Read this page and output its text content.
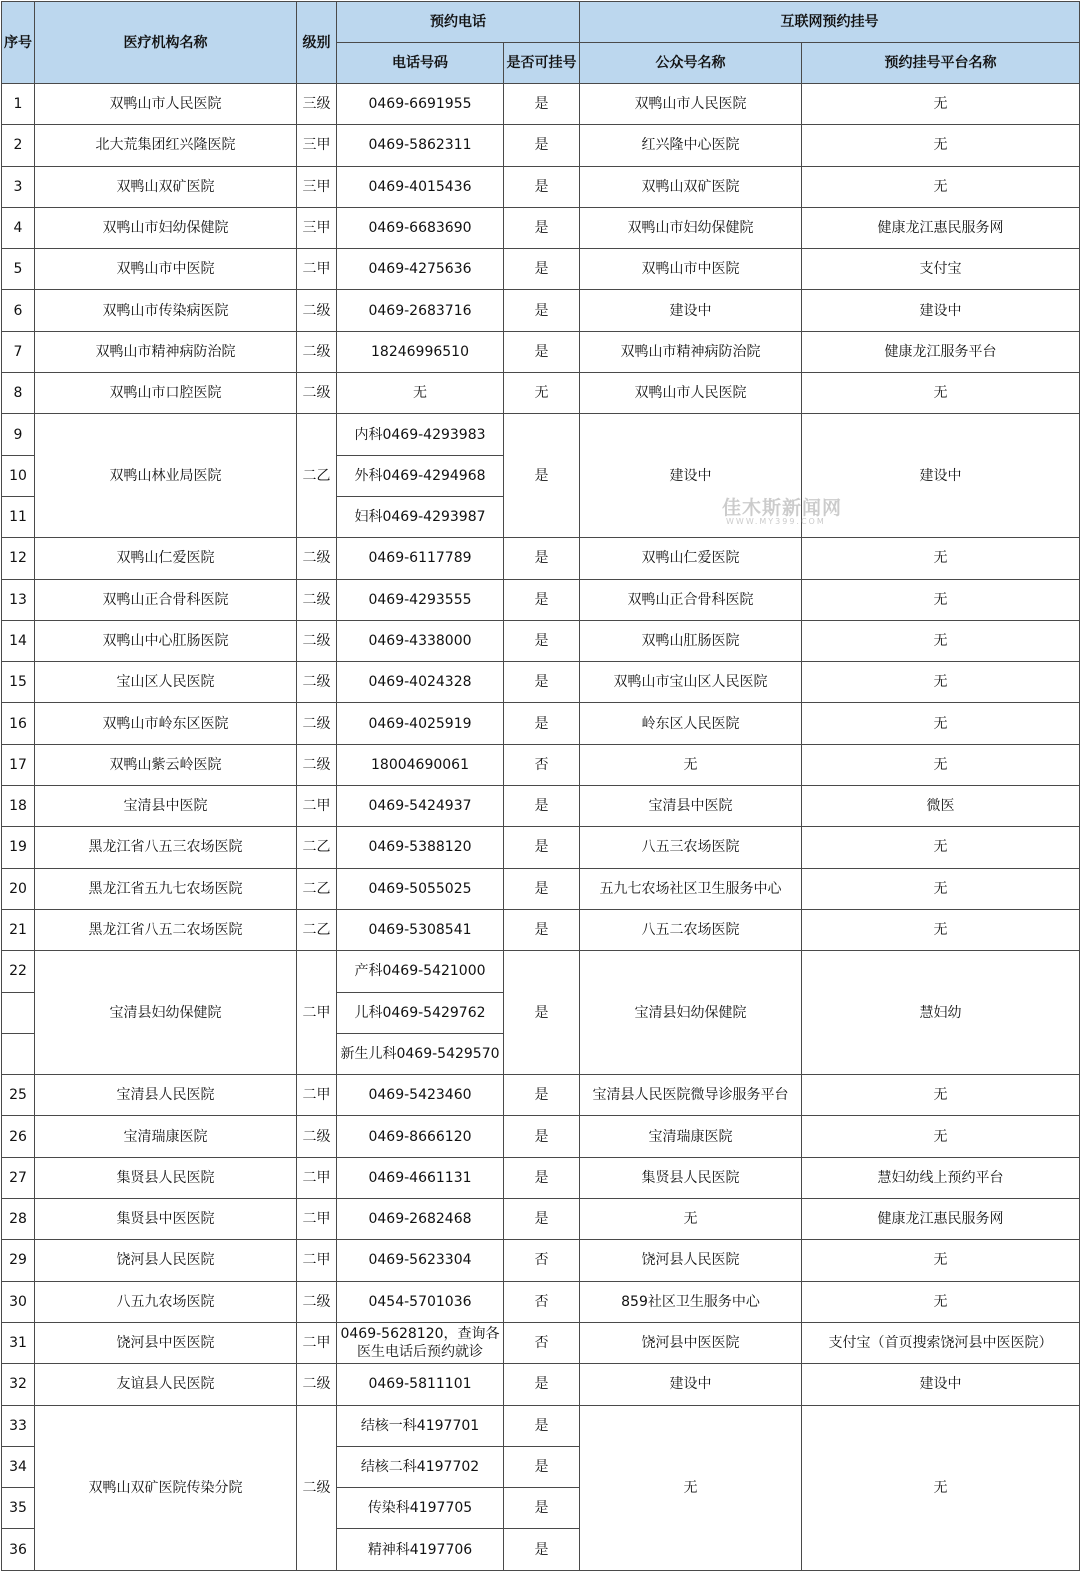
序号	医疗机构名称	级别	预约电话		互联网预约挂号	
			电话号码	是否可挂号	公众号名称	预约挂号平台名称
1	双鸭山市人民医院	三级	0469-6691955	是	双鸭山市人民医院	无
2	北大荒集团红兴隆医院	三甲	0469-5862311	是	红兴隆中心医院	无
3	双鸭山双矿医院	三甲	0469-4015436	是	双鸭山双矿医院	无
4	双鸭山市妇幼保健院	三甲	0469-6683690	是	双鸭山市妇幼保健院	健康龙江惠民服务网
5	双鸭山市中医院	二甲	0469-4275636	是	双鸭山市中医院	支付宝
6	双鸭山市传染病医院	二级	0469-2683716	是	建设中	建设中
7	双鸭山市精神病防治院	二级	18246996510	是	双鸭山市精神病防治院	健康龙江服务平台
8	双鸭山市口腔医院	二级	无	无	双鸭山市人民医院	无
9	双鸭山林业局医院	二乙	内科0469-4293983	是	建设中	建设中
10			外科0469-4294968			
11			妇科0469-4293987			
12	双鸭山仁爱医院	二级	0469-6117789	是	双鸭山仁爱医院	无
13	双鸭山正合骨科医院	二级	0469-4293555	是	双鸭山正合骨科医院	无
14	双鸭山中心肛肠医院	二级	0469-4338000	是	双鸭山肛肠医院	无
15	宝山区人民医院	二级	0469-4024328	是	双鸭山市宝山区人民医院	无
16	双鸭山市岭东区医院	二级	0469-4025919	是	岭东区人民医院	无
17	双鸭山紫云岭医院	二级	18004690061	否	无	无
18	宝清县中医院	二甲	0469-5424937	是	宝清县中医院	微医
19	黑龙江省八五三农场医院	二乙	0469-5388120	是	八五三农场医院	无
20	黑龙江省五九七农场医院	二乙	0469-5055025	是	五九七农场社区卫生服务中心	无
21	黑龙江省八五二农场医院	二乙	0469-5308541	是	八五二农场医院	无
22	宝清县妇幼保健院	二甲	产科0469-5421000	是	宝清县妇幼保健院	慧妇幼
			儿科0469-5429762			
			新生儿科0469-5429570			
25	宝清县人民医院	二甲	0469-5423460	是	宝清县人民医院微导诊服务平台	无
26	宝清瑞康医院	二级	0469-8666120	是	宝清瑞康医院	无
27	集贤县人民医院	二甲	0469-4661131	是	集贤县人民医院	慧妇幼线上预约平台
28	集贤县中医医院	二甲	0469-2682468	是	无	健康龙江惠民服务网
29	饶河县人民医院	二甲	0469-5623304	否	饶河县人民医院	无
30	八五九农场医院	二级	0454-5701036	否	859社区卫生服务中心	无
31	饶河县中医医院	二甲	0469-5628120，查询各医生电话后预约就诊	否	饶河县中医医院	支付宝（首页搜索饶河县中医医院）
32	友谊县人民医院	二级	0469-5811101	是	建设中	建设中
33	双鸭山双矿医院传染分院	二级	结核一科4197701	是	无	无
34			结核二科4197702	是		
35			传染科4197705	是		
36			精神科4197706	是		
佳木斯新闻网
WWW.MY399.COM
